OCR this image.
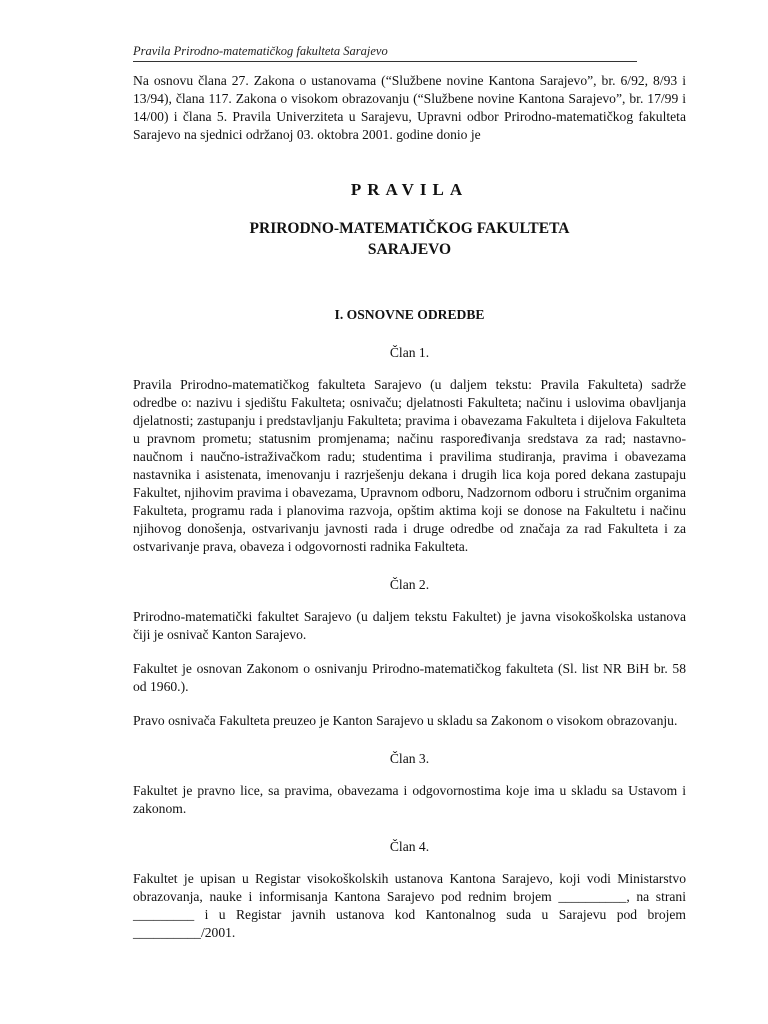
Pravila Prirodno-matematičkog fakulteta Sarajevo

Na osnovu člana 27. Zakona o ustanovama (“Službene novine Kantona Sarajevo”, br. 6/92, 8/93 i 13/94), člana 117. Zakona o visokom obrazovanju (“Službene novine Kantona Sarajevo”, br. 17/99 i 14/00) i člana 5. Pravila Univerziteta u Sarajevu, Upravni odbor Prirodno-matematičkog fakulteta Sarajevo na sjednici održanoj 03. oktobra 2001. godine donio je

PRAVILA
PRIRODNO-MATEMATIČKOG FAKULTETA
SARAJEVO
I. OSNOVNE ODREDBE
Član 1.

Pravila Prirodno-matematičkog fakulteta Sarajevo (u daljem tekstu: Pravila Fakulteta) sadrže odredbe o: nazivu i sjedištu Fakulteta; osnivaču; djelatnosti Fakulteta; načinu i uslovima obavljanja djelatnosti; zastupanju i predstavljanju Fakulteta; pravima i obavezama Fakulteta i dijelova Fakulteta u pravnom prometu; statusnim promjenama; načinu raspoređivanja sredstava za rad; nastavno-naučnom i naučno-istraživačkom radu; studentima i pravilima studiranja, pravima i obavezama nastavnika i asistenata, imenovanju i razrješenju dekana i drugih lica koja pored dekana zastupaju Fakultet, njihovim pravima i obavezama, Upravnom odboru, Nadzornom odboru i stručnim organima Fakulteta, programu rada i planovima razvoja, opštim aktima koji se donose na Fakultetu i načinu njihovog donošenja, ostvarivanju javnosti rada i druge odredbe od značaja za rad Fakulteta i za ostvarivanje prava, obaveza i odgovornosti radnika Fakulteta.

Član 2.

Prirodno-matematički fakultet Sarajevo (u daljem tekstu Fakultet) je javna visokoškolska ustanova čiji je osnivač Kanton Sarajevo.

Fakultet je osnovan Zakonom o osnivanju Prirodno-matematičkog fakulteta (Sl. list NR BiH br. 58 od 1960.).

Pravo osnivača Fakulteta preuzeo je Kanton Sarajevo u skladu sa Zakonom o visokom obrazovanju.

Član 3.

Fakultet je pravno lice, sa pravima, obavezama i odgovornostima koje ima u skladu sa Ustavom i zakonom.

Član 4.

Fakultet je upisan u Registar visokoškolskih ustanova Kantona Sarajevo, koji vodi Ministarstvo obrazovanja, nauke i informisanja Kantona Sarajevo pod rednim brojem __________, na strani _________ i u Registar javnih ustanova kod Kantonalnog suda u Sarajevu pod brojem __________/2001.
